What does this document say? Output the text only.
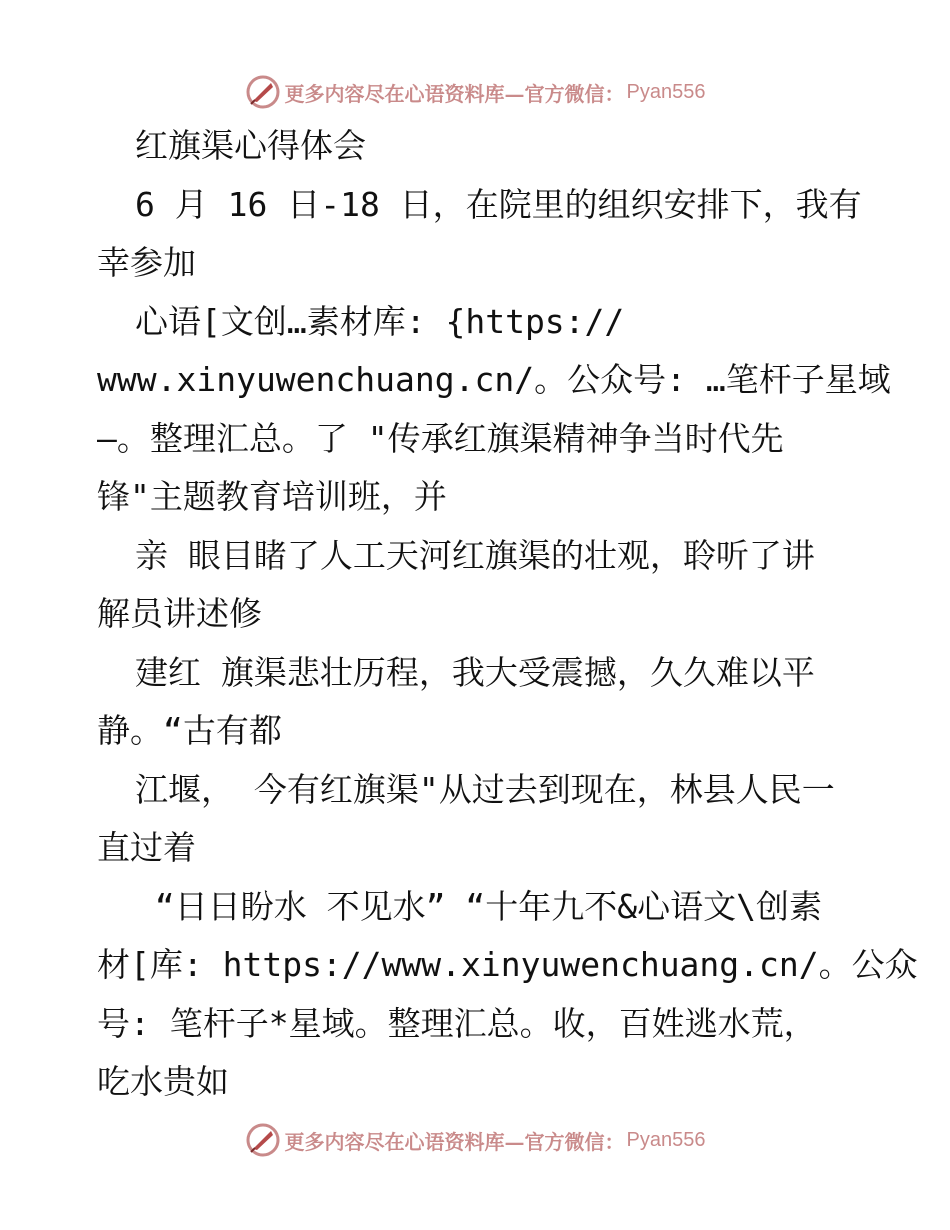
更多内容尽在心语资料库—官方微信： Pyan556
红旗渠心得体会
6 月 16 日-18 日，在院里的组织安排下，我有
幸参加
心语[文创…素材库: {https://
www.xinyuwenchuang.cn/。公众号: …笔杆子星域
—。整理汇总。了 "传承红旗渠精神争当时代先
锋"主题教育培训班，并
亲 眼目睹了人工天河红旗渠的壮观，聆听了讲
解员讲述修
建红 旗渠悲壮历程，我大受震撼，久久难以平
静。“古有都
江堰， 今有红旗渠"从过去到现在，林县人民一
直过着
“日日盼水 不见水” “十年九不&心语文\创素
材[库: https://www.xinyuwenchuang.cn/。公众
号: 笔杆子*星域。整理汇总。收，百姓逃水荒，
吃水贵如
更多内容尽在心语资料库—官方微信： Pyan556
